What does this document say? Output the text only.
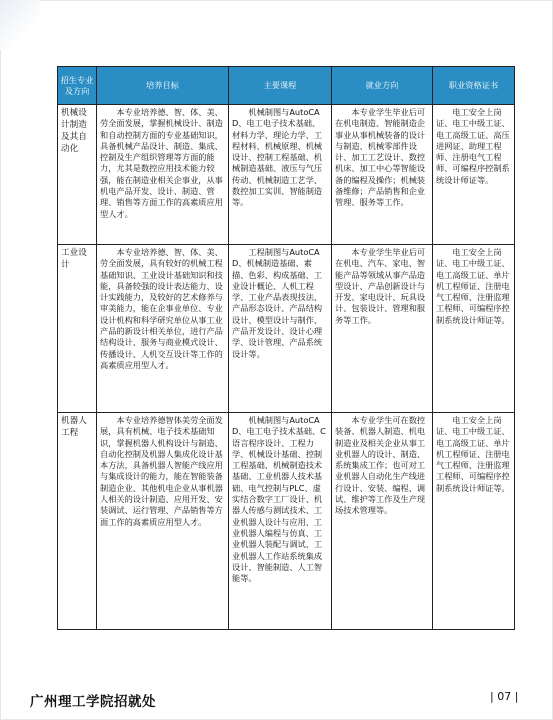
招生专业及方向	培养目标	主要课程	就业方向	职业资格证书
机械设计制造及其自动化	本专业培养德、智、体、美、劳全面发展，掌握机械设计、制造和自动控制方面的专业基础知识，具备机械产品设计、制造、集成、控制及生产组织管理等方面的能力，尤其是数控应用技术能力较强，能在制造业相关企事业，从事机电产品开发、设计、制造、管理、销售等方面工作的高素质应用型人才。	机械制图与AutoCAD、电工电子技术基础、材料力学、理论力学、工程材料、机械原理、机械设计、控制工程基础、机械制造基础、液压与气压传动、机械制造工艺学、数控加工实训、智能制造等。	本专业学生毕业后可在机电制造、智能制造企事业从事机械装备的设计与制造、机械零部件设计、加工工艺设计、数控机床、加工中心等智能设备的编程及操作；机械装备维修；产品销售和企业管理、服务等工作。	电工安全上岗证、电工中级工证、电工高级工证、高压进网证、助理工程师、注册电气工程师、可编程序控制系统设计师证等。
工业设计	本专业培养德、智、体、美、劳全面发展，具有较好的机械工程基础知识、工业设计基础知识和技能，具备较强的设计表达能力、设计实践能力，及较好的艺术修养与审美能力，能在企事业单位、专业设计机构和科学研究单位从事工业产品的新设计相关单位，进行产品结构设计、服务与商业模式设计、传播设计、人机交互设计等工作的高素质应用型人才。	工程制图与AutoCAD、机械制造基础、素描、色彩、构成基础、工业设计概论、人机工程学、工业产品表现技法、产品形态设计、产品结构设计、模型设计与制作、产品开发设计、设计心理学、设计管理、产品系统设计等。	本专业学生毕业后可在机电、汽车、家电、智能产品等领域从事产品造型设计、产品创新设计与开发、家电设计、玩具设计、包装设计、管理和服务等工作。	电工安全上岗证、电工中级工证、电工高级工证、单片机工程师证、注册电气工程师、注册监理工程师、可编程序控制系统设计师证等。
机器人工程	本专业培养德智体美劳全面发展，具有机械、电子技术基础知识，掌握机器人机构设计与制造、自动化控制及机器人集成化设计基本方法，具备机器人智能产线应用与集成设计的能力，能在智能装备制造企业、其他机电企业从事机器人相关的设计制造、应用开发、安装调试、运行管理、产品销售等方面工作的高素质应用型人才。	机械制图与AutoCAD、电工电子技术基础、C语言程序设计、工程力学、机械设计基础、控制工程基础、机械制造技术基础、工业机器人技术基础、电气控制与PLC、虚实结合数字工厂设计、机器人传感与测试技术、工业机器人设计与应用、工业机器人编程与仿真、工业机器人装配与调试、工业机器人工作站系统集成设计、智能制造、人工智能等。	本专业学生可在数控装备、机器人制造、机电制造业及相关企业从事工业机器人的设计、制造、系统集成工作；也可对工业机器人自动化生产线进行设计、安装、编程、调试、维护等工作及生产现场技术管理等。	电工安全上岗证、电工中级工证、电工高级工证、单片机工程师证、注册电气工程师、注册监理工程师、可编程序控制系统设计师证等。
广州理工学院招就处	| 07 |
